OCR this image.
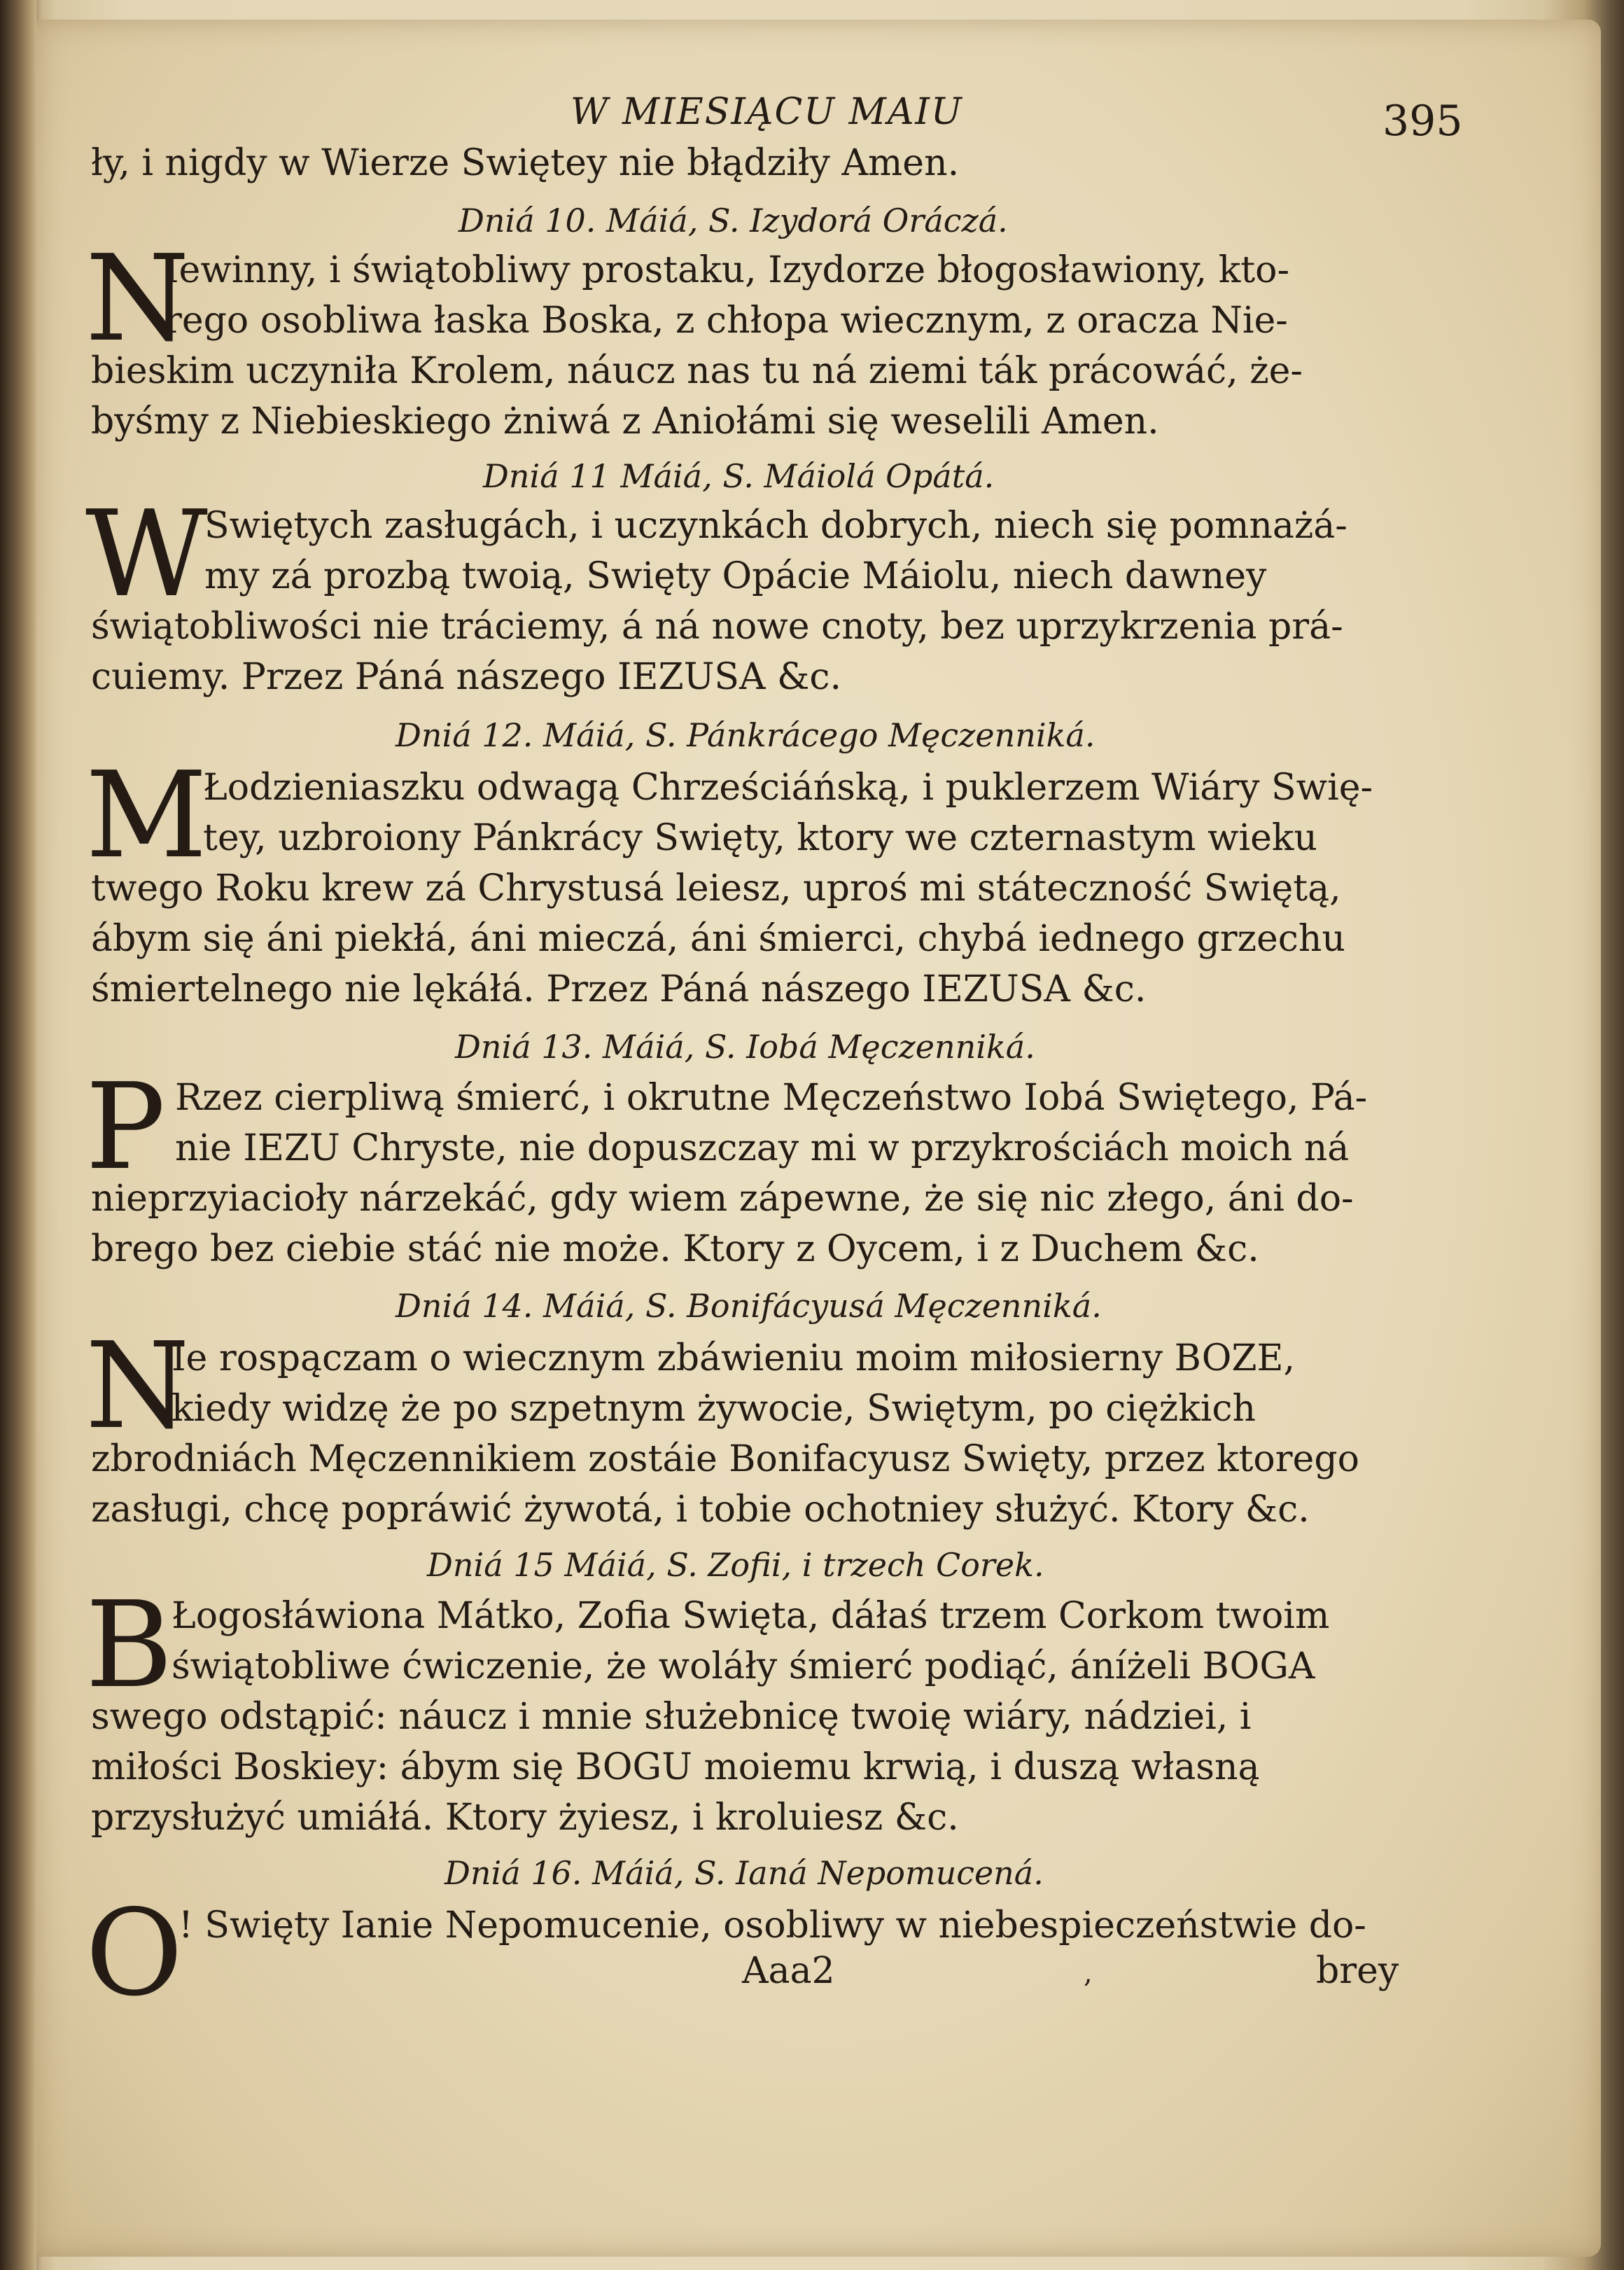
W MIESIĄCU MAIU	395
ły, i nigdy w Wierze Swiętey nie błądziły Amen.
Dniá 10. Máiá, S. Izydorá Oráczá.
N
Iewinny, i świątobliwy prostaku, Izydorze błogosławiony, kto-
rego osobliwa łaska Boska, z chłopa wiecznym, z oracza Nie-
bieskim uczyniła Krolem, náucz nas tu ná ziemi ták prácowáć, że-
byśmy z Niebieskiego żniwá z Aniołámi się weselili Amen.
Dniá 11 Máiá, S. Máiolá Opátá.
W
Swiętych zasługách, i uczynkách dobrych, niech się pomnażá-
my zá prozbą twoią, Swięty Opácie Máiolu, niech dawney
świątobliwości nie tráciemy, á ná nowe cnoty, bez uprzykrzenia prá-
cuiemy. Przez Páná nászego IEZUSA &c.
Dniá 12. Máiá, S. Pánkrácego Męczenniká.
M
Łodzieniaszku odwagą Chrześciáńską, i puklerzem Wiáry Swię-
tey, uzbroiony Pánkrácy Swięty, ktory we czternastym wieku
twego Roku krew zá Chrystusá leiesz, uproś mi státeczność Swiętą,
ábym się áni piekłá, áni mieczá, áni śmierci, chybá iednego grzechu
śmiertelnego nie lękáłá. Przez Páná nászego IEZUSA &c.
Dniá 13. Máiá, S. Iobá Męczenniká.
P Rzez cierpliwą śmierć, i okrutne Męczeństwo Iobá Swiętego, Pá-
nie IEZU Chryste, nie dopuszczay mi w przykrościách moich ná
nieprzyiacioły nárzekáć, gdy wiem zápewne, że się nic złego, áni do-
brego bez ciebie stáć nie może. Ktory z Oycem, i z Duchem &c.
Dniá 14. Máiá, S. Bonifácyusá Męczenniká.
N
Ie rospączam o wiecznym zbáwieniu moim miłosierny BOZE,
kiedy widzę że po szpetnym żywocie, Swiętym, po ciężkich
zbrodniách Męczennikiem zostáie Bonifacyusz Swięty, przez ktorego
zasługi, chcę popráwić żywotá, i tobie ochotniey służyć. Ktory &c.
Dniá 15 Máiá, S. Zofii, i trzech Corek.
B
Łogosłáwiona Mátko, Zofia Swięta, dáłaś trzem Corkom twoim
świątobliwe ćwiczenie, że woláły śmierć podiąć, áníżeli BOGA
swego odstąpić: náucz i mnie służebnicę twoię wiáry, nádziei, i
miłości Boskiey: ábym się BOGU moiemu krwią, i duszą własną
przysłużyć umiáłá. Ktory żyiesz, i kroluiesz &c.
Dniá 16. Máiá, S. Ianá Nepomucená.
O
! Swięty Ianie Nepomucenie, osobliwy w niebespieczeństwie do-
Aaa2	,	brey
